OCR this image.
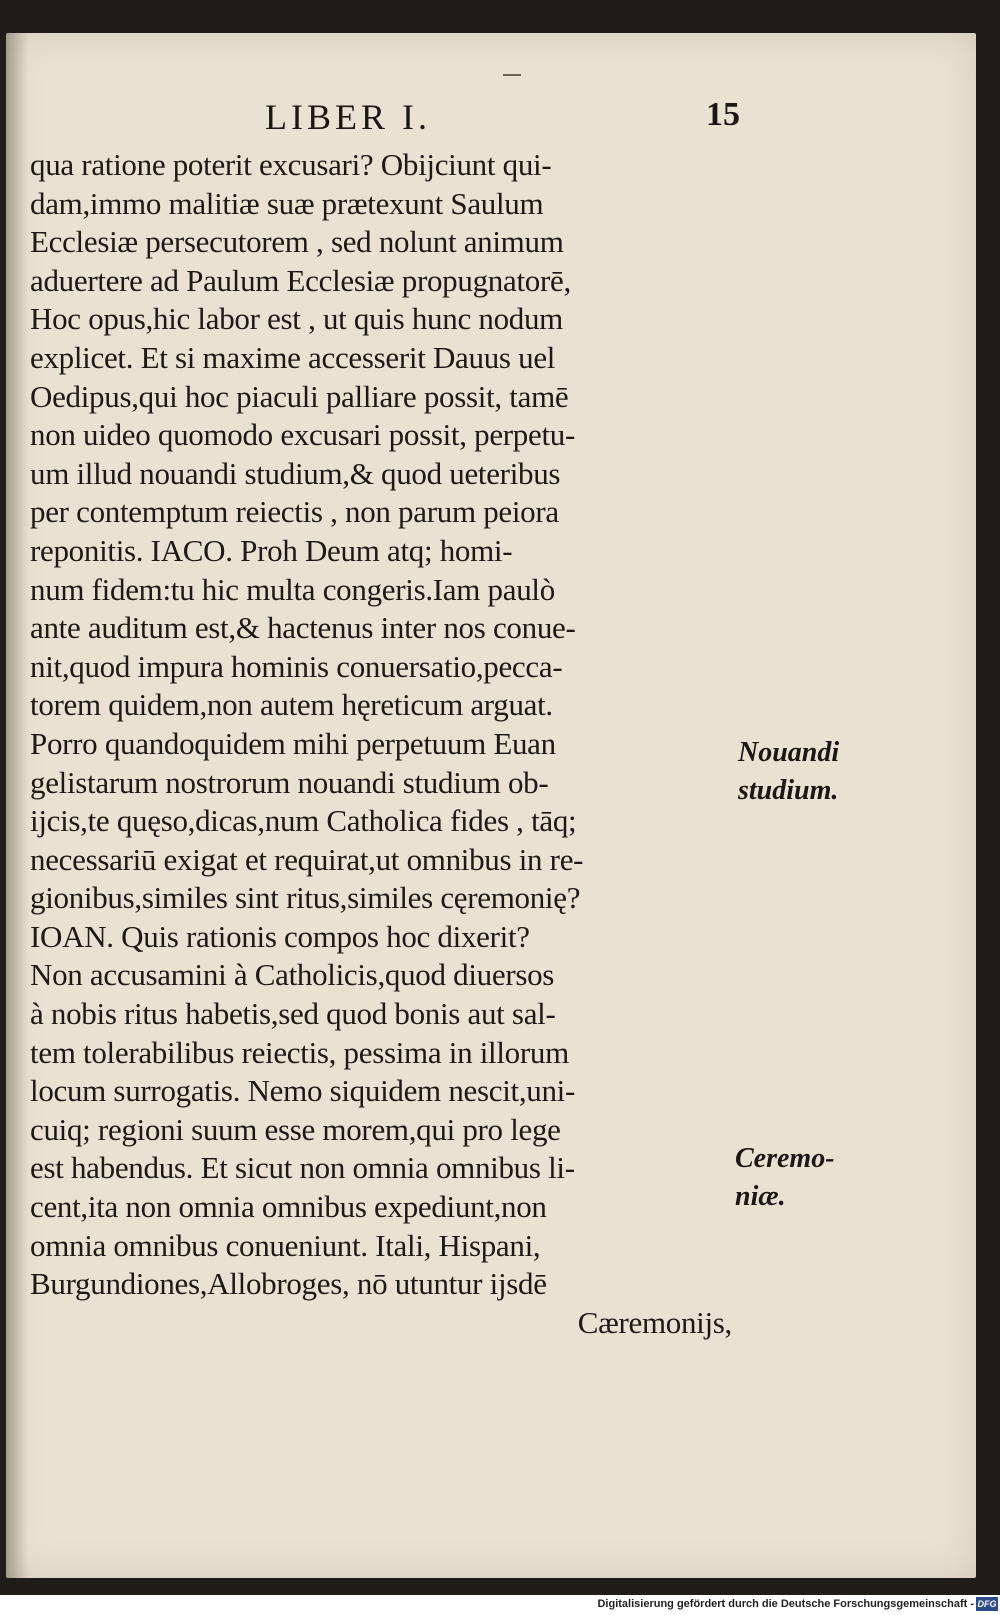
LIBER I.	15
qua ratione poterit excusari? Obijciunt qui-
dam,immo malitiæ suæ prætexunt Saulum
Ecclesiæ persecutorem , sed nolunt animum
aduertere ad Paulum Ecclesiæ propugnatorē,
Hoc opus,hic labor est , ut quis hunc nodum
explicet. Et si maxime accesserit Dauus uel
Oedipus,qui hoc piaculi palliare possit, tamē
non uideo quomodo excusari possit, perpetu-
um illud nouandi studium,& quod ueteribus
per contemptum reiectis , non parum peiora
reponitis. IACO. Proh Deum atq; homi-
num fidem:tu hic multa congeris.Iam paulò
ante auditum est,& hactenus inter nos conue-
nit,quod impura hominis conuersatio,pecca-
torem quidem,non autem hęreticum arguat.
Porro quandoquidem mihi perpetuum Euan
gelistarum nostrorum nouandi studium ob-
ijcis,te quęso,dicas,num Catholica fides , tāq;
necessariū exigat et requirat,ut omnibus in re-
gionibus,similes sint ritus,similes cęremonię?
IOAN. Quis rationis compos hoc dixerit?
Non accusamini à Catholicis,quod diuersos
à nobis ritus habetis,sed quod bonis aut sal-
tem tolerabilibus reiectis, pessima in illorum
locum surrogatis. Nemo siquidem nescit,uni-
cuiq; regioni suum esse morem,qui pro lege
est habendus. Et sicut non omnia omnibus li-
cent,ita non omnia omnibus expediunt,non
omnia omnibus conueniunt. Itali, Hispani,
Burgundiones,Allobroges, nō utuntur ijsdē
Cæremonijs,
Nouandi
studium.
Ceremo-
niæ.
Digitalisierung gefördert durch die Deutsche Forschungsgemeinschaft - DFG
